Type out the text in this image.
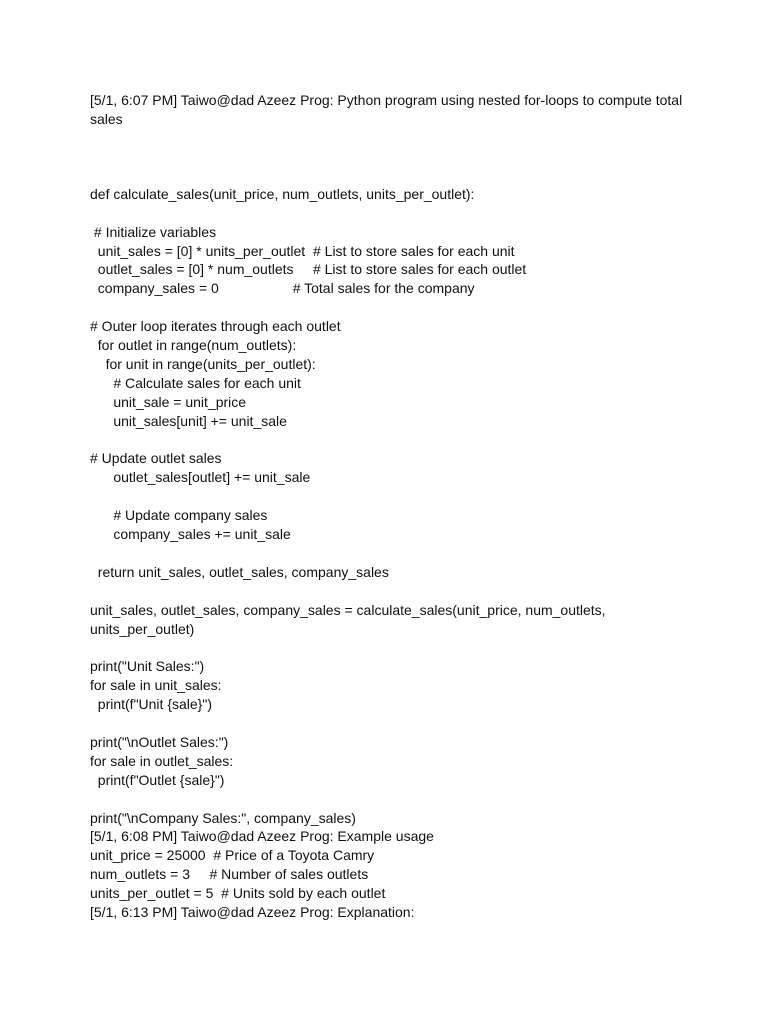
[5/1, 6:07 PM] Taiwo@dad Azeez Prog: Python program using nested for-loops to compute total sales
def calculate_sales(unit_price, num_outlets, units_per_outlet):
# Initialize variables
unit_sales = [0] * units_per_outlet  # List to store sales for each unit
outlet_sales = [0] * num_outlets     # List to store sales for each outlet
company_sales = 0                   # Total sales for the company
# Outer loop iterates through each outlet
for outlet in range(num_outlets):
for unit in range(units_per_outlet):
# Calculate sales for each unit
unit_sale = unit_price
unit_sales[unit] += unit_sale
# Update outlet sales
outlet_sales[outlet] += unit_sale
# Update company sales
company_sales += unit_sale
return unit_sales, outlet_sales, company_sales
unit_sales, outlet_sales, company_sales = calculate_sales(unit_price, num_outlets, units_per_outlet)
print("Unit Sales:")
for sale in unit_sales:
print(f"Unit {sale}")
print("\nOutlet Sales:")
for sale in outlet_sales:
print(f"Outlet {sale}")
print("\nCompany Sales:", company_sales)
[5/1, 6:08 PM] Taiwo@dad Azeez Prog: Example usage
unit_price = 25000  # Price of a Toyota Camry
num_outlets = 3     # Number of sales outlets
units_per_outlet = 5  # Units sold by each outlet
[5/1, 6:13 PM] Taiwo@dad Azeez Prog: Explanation:
